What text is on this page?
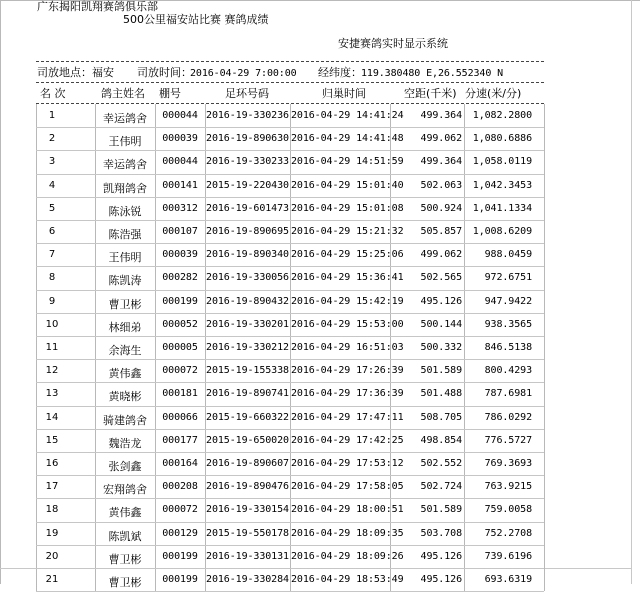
广东揭阳凯翔赛鸽俱乐部
500公里福安站比赛 赛鸽成绩
安捷赛鸽实时显示系统
司放地点： 福安 司放时间：
2016-04-29 7:00:00 经纬度： 119.380480 E,26.552340 N
名 次	鸽主姓名 棚号	足环号码	归巢时间	空距(千米) 分速(米/分)
1	幸运鸽舍	000044 2016-19-330236 2016-04-29 14:41:24	499.364	1,082.2800
2	王伟明	000039 2016-19-890630 2016-04-29 14:41:48	499.062	1,080.6886
3	幸运鸽舍	000044 2016-19-330233 2016-04-29 14:51:59	499.364	1,058.0119
4	凯翔鸽舍	000141 2015-19-220430 2016-04-29 15:01:40	502.063	1,042.3453
5	陈泳锐	000312 2016-19-601473 2016-04-29 15:01:08	500.924	1,041.1334
6	陈浩强	000107 2016-19-890695 2016-04-29 15:21:32	505.857	1,008.6209
7	王伟明	000039 2016-19-890340 2016-04-29 15:25:06	499.062	988.0459
8	陈凯涛	000282 2016-19-330056 2016-04-29 15:36:41	502.565	972.6751
9	曹卫彬	000199 2016-19-890432 2016-04-29 15:42:19	495.126	947.9422
10	林细弟	000052 2016-19-330201 2016-04-29 15:53:00	500.144	938.3565
11	余海生	000005 2016-19-330212 2016-04-29 16:51:03	500.332	846.5138
12	黄伟鑫	000072 2015-19-155338 2016-04-29 17:26:39	501.589	800.4293
13	黄晓彬	000181 2016-19-890741 2016-04-29 17:36:39	501.488	787.6981
14	骑建鸽舍	000066 2015-19-660322 2016-04-29 17:47:11	508.705	786.0292
15	魏浩龙	000177 2015-19-650020 2016-04-29 17:42:25	498.854	776.5727
16	张剑鑫	000164 2016-19-890607 2016-04-29 17:53:12	502.552	769.3693
17	宏翔鸽舍	000208 2016-19-890476 2016-04-29 17:58:05	502.724	763.9215
18	黄伟鑫	000072 2016-19-330154 2016-04-29 18:00:51	501.589	759.0058
19	陈凯斌	000129 2015-19-550178 2016-04-29 18:09:35	503.708	752.2708
20	曹卫彬	000199 2016-19-330131 2016-04-29 18:09:26	495.126	739.6196
21	曹卫彬	000199 2016-19-330284 2016-04-29 18:53:49	495.126	693.6319
